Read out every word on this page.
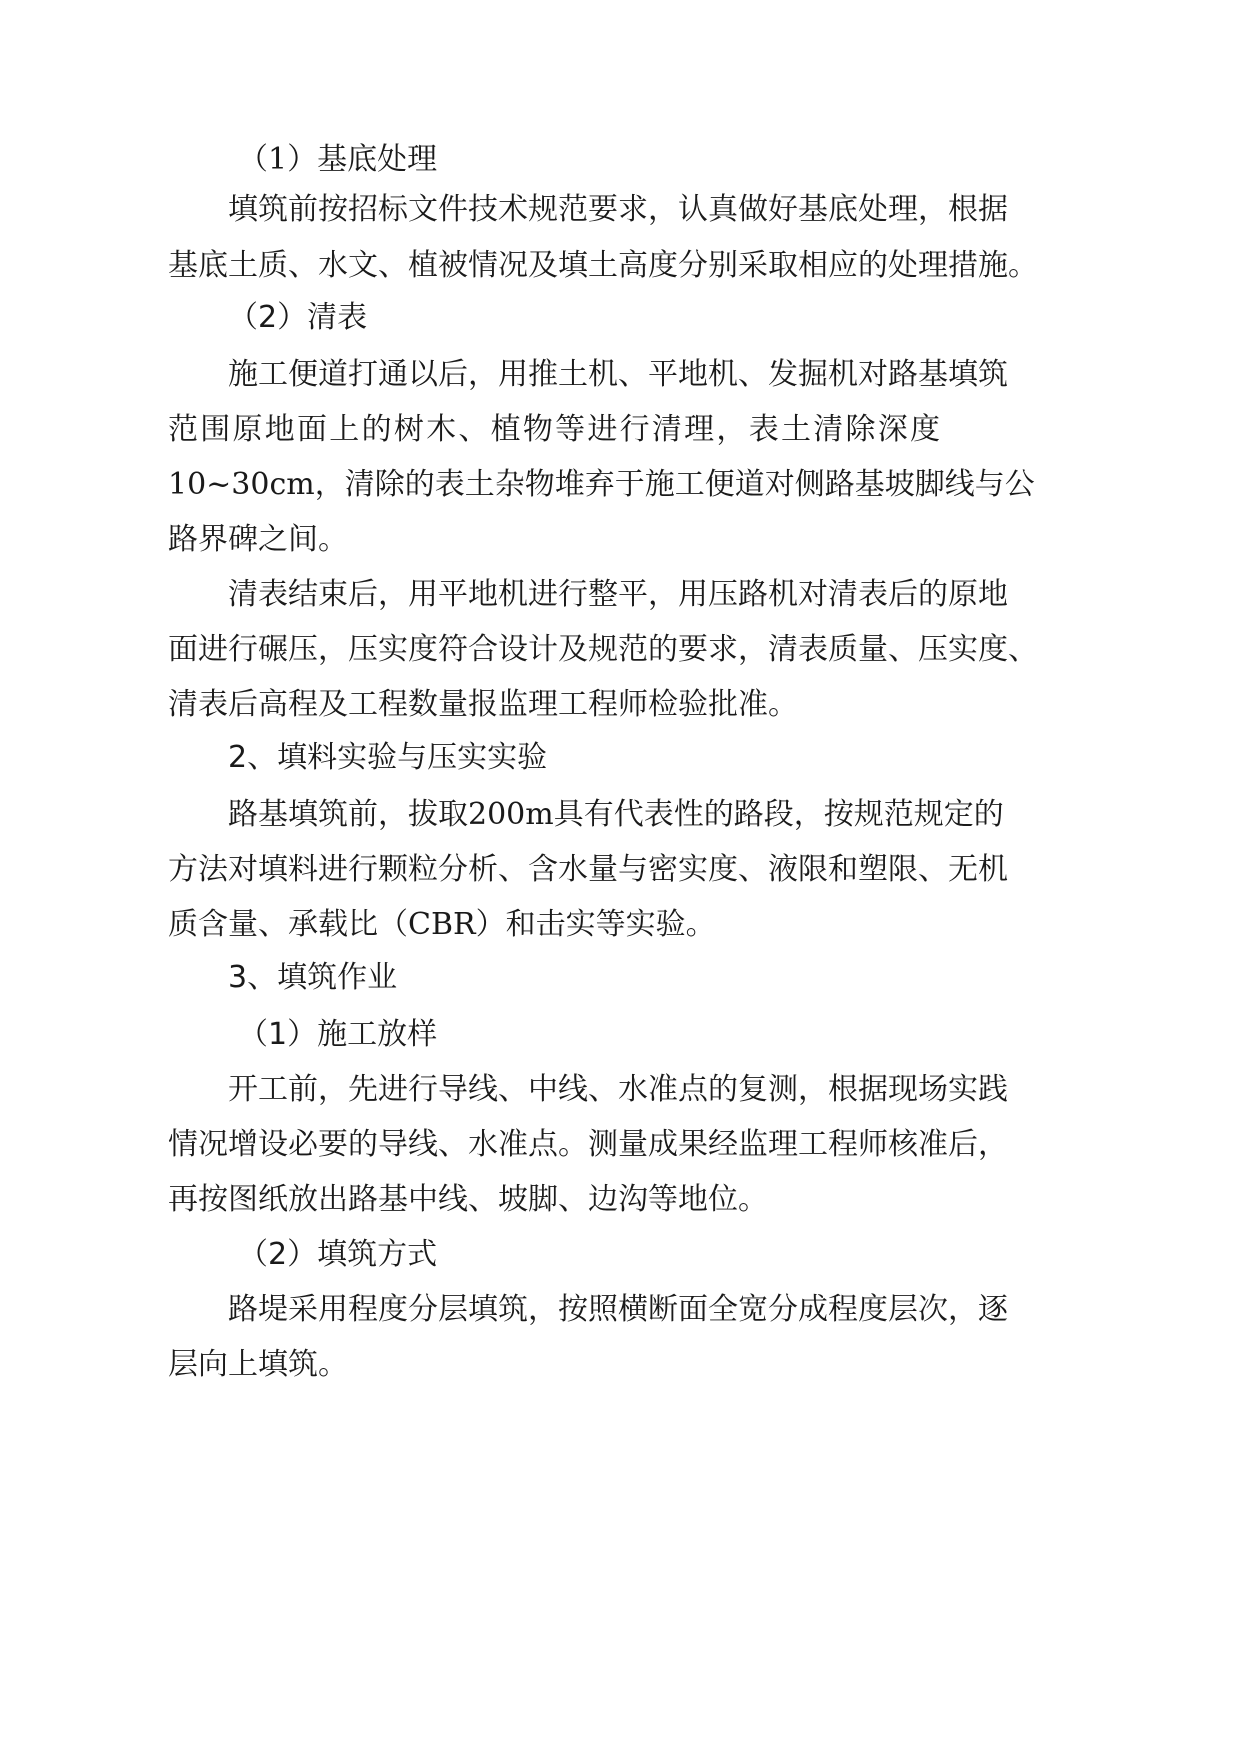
（1）基底处理
填筑前按招标文件技术规范要求，认真做好基底处理，根据
基底土质、水文、植被情况及填土高度分别采取相应的处理措施。
（2）清表
施工便道打通以后，用推土机、平地机、发掘机对路基填筑
范围原地面上的树木、植物等进行清理，表土清除深度
10~30cm，清除的表土杂物堆弃于施工便道对侧路基坡脚线与公
路界碑之间。
清表结束后，用平地机进行整平，用压路机对清表后的原地
面进行碾压，压实度符合设计及规范的要求，清表质量、压实度、
清表后高程及工程数量报监理工程师检验批准。
2、填料实验与压实实验
路基填筑前，拔取200m具有代表性的路段，按规范规定的
方法对填料进行颗粒分析、含水量与密实度、液限和塑限、无机
质含量、承载比（CBR）和击实等实验。
3、填筑作业
（1）施工放样
开工前，先进行导线、中线、水准点的复测，根据现场实践
情况增设必要的导线、水准点。测量成果经监理工程师核准后，
再按图纸放出路基中线、坡脚、边沟等地位。
（2）填筑方式
路堤采用程度分层填筑，按照横断面全宽分成程度层次，逐
层向上填筑。
